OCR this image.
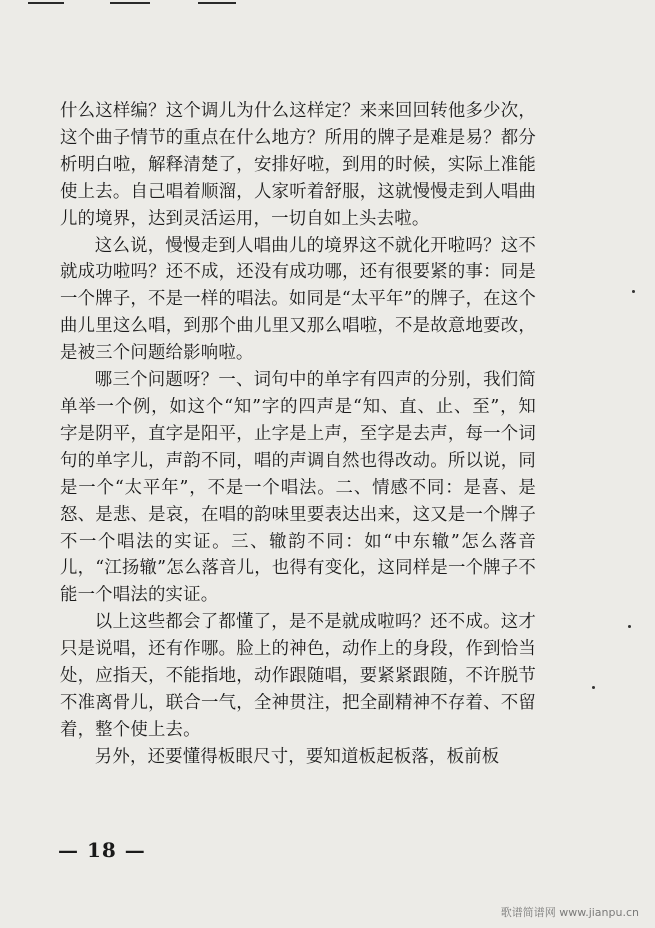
什么这样编？这个调儿为什么这样定？来来回回转他多少次，这个曲子情节的重点在什么地方？所用的牌子是难是易？都分析明白啦，解释清楚了，安排好啦，到用的时候，实际上准能使上去。自己唱着顺溜，人家听着舒服，这就慢慢走到人唱曲儿的境界，达到灵活运用，一切自如上头去啦。

这么说，慢慢走到人唱曲儿的境界这不就化开啦吗？这不就成功啦吗？还不成，还没有成功哪，还有很要紧的事：同是一个牌子，不是一样的唱法。如同是“太平年”的牌子，在这个曲儿里这么唱，到那个曲儿里又那么唱啦，不是故意地要改，是被三个问题给影响啦。

哪三个问题呀？一、词句中的单字有四声的分别，我们简单举一个例，如这个“知”字的四声是“知、直、止、至”，知字是阴平，直字是阳平，止字是上声，至字是去声，每一个词句的单字儿，声韵不同，唱的声调自然也得改动。所以说，同是一个“太平年”，不是一个唱法。二、情感不同：是喜、是怒、是悲、是哀，在唱的韵味里要表达出来，这又是一个牌子不一个唱法的实证。三、辙韵不同：如“中东辙”怎么落音儿，“江扬辙”怎么落音儿，也得有变化，这同样是一个牌子不能一个唱法的实证。

以上这些都会了都懂了，是不是就成啦吗？还不成。这才只是说唱，还有作哪。脸上的神色，动作上的身段，作到恰当处，应指天，不能指地，动作跟随唱，要紧紧跟随，不许脱节不准离骨儿，联合一气，全神贯注，把全副精神不存着、不留着，整个使上去。

另外，还要懂得板眼尺寸，要知道板起板落，板前板

— 18 —
歌谱简谱网 www.jianpu.cn
